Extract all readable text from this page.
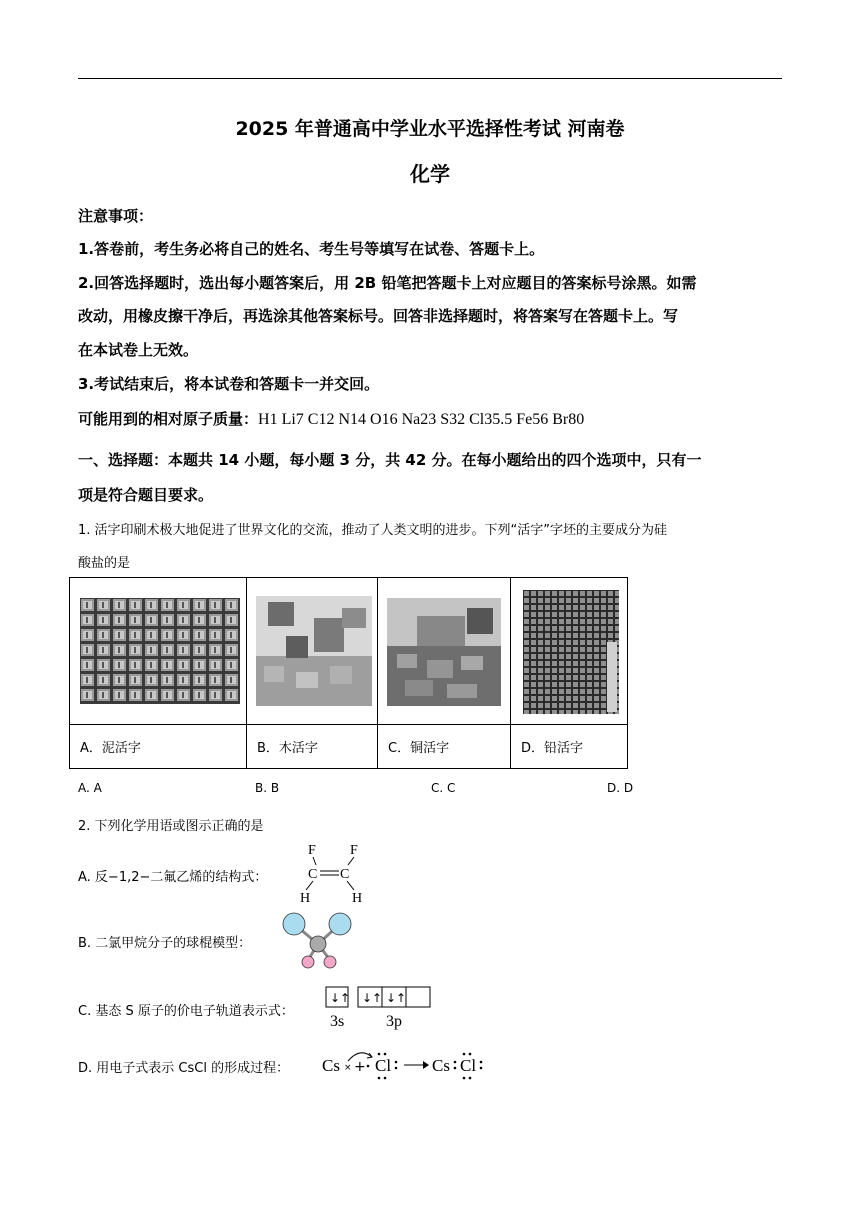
2025 年普通高中学业水平选择性考试 河南卷
化学
注意事项：
1.答卷前，考生务必将自己的姓名、考生号等填写在试卷、答题卡上。
2.回答选择题时，选出每小题答案后，用 2B 铅笔把答题卡上对应题目的答案标号涂黑。如需
改动，用橡皮擦干净后，再选涂其他答案标号。回答非选择题时，将答案写在答题卡上。写
在本试卷上无效。
3.考试结束后，将本试卷和答题卡一并交回。
可能用到的相对原子质量：H1 Li7 C12 N14 O16 Na23 S32 Cl35.5 Fe56 Br80
一、选择题：本题共 14 小题，每小题 3 分，共 42 分。在每小题给出的四个选项中，只有一
项是符合题目要求。
1. 活字印刷术极大地促进了世界文化的交流，推动了人类文明的进步。下列“活字”字坯的主要成分为硅
酸盐的是

A．泥活字	B．木活字	C．铜活字	D．铅活字
A. A	B. B	C. C	D. D
2. 下列化学用语或图示正确的是
A. 反−1,2−二氟乙烯的结构式：
F F
C C
H	H
B. 二氯甲烷分子的球棍模型：
C. 基态 S 原子的价电子轨道表示式：
↓↑ ↓↑ ↓↑
3s	3p
D. 用电子式表示 CsCl 的形成过程： Cs × + Cl Cs Cl
